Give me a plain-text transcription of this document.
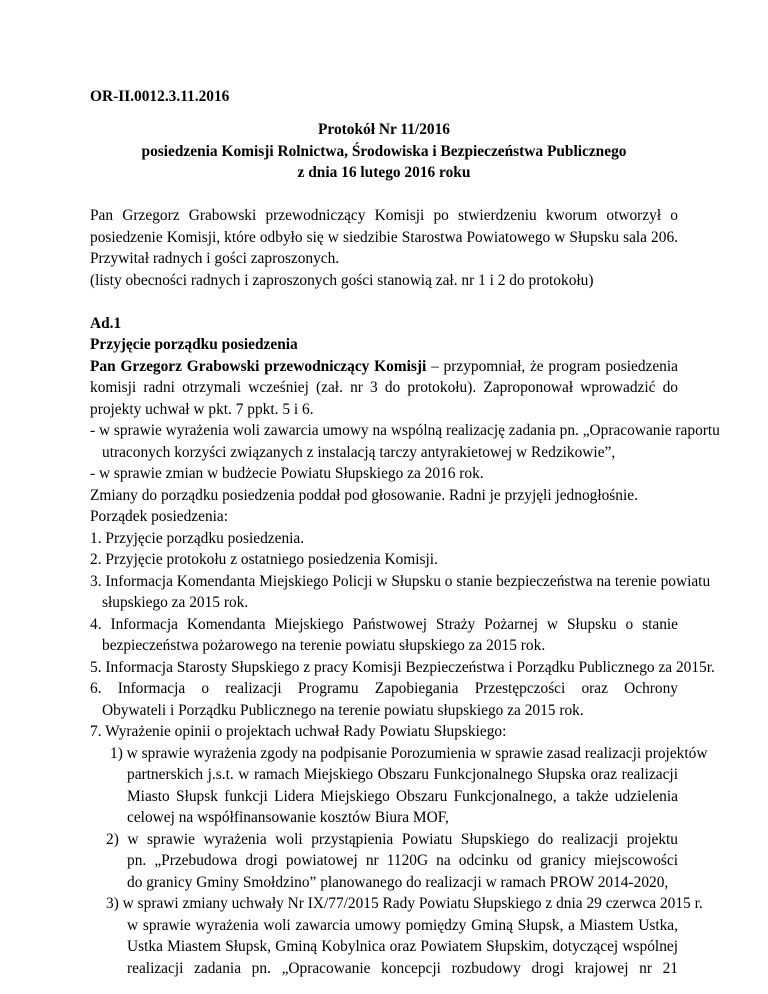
OR-II.0012.3.11.2016
Protokół Nr 11/2016
posiedzenia Komisji Rolnictwa, Środowiska i Bezpieczeństwa Publicznego
z dnia 16 lutego 2016 roku
Pan Grzegorz Grabowski przewodniczący Komisji po stwierdzeniu kworum otworzył o
posiedzenie Komisji, które odbyło się w siedzibie Starostwa Powiatowego w Słupsku sala 206.
Przywitał radnych i gości zaproszonych.
(listy obecności radnych i zaproszonych gości stanowią zał. nr 1 i 2 do protokołu)
Ad.1
Przyjęcie porządku posiedzenia
Pan Grzegorz Grabowski przewodniczący Komisji – przypomniał, że program posiedzenia
komisji radni otrzymali wcześniej (zał. nr 3 do protokołu). Zaproponował wprowadzić do
projekty uchwał w pkt. 7 ppkt. 5 i 6.
- w sprawie wyrażenia woli zawarcia umowy na wspólną realizację zadania pn. „Opracowanie raportu
utraconych korzyści związanych z instalacją tarczy antyrakietowej w Redzikowie”,
- w sprawie zmian w budżecie Powiatu Słupskiego za 2016 rok.
Zmiany do porządku posiedzenia poddał pod głosowanie. Radni je przyjęli jednogłośnie.
Porządek posiedzenia:
1. Przyjęcie porządku posiedzenia.
2. Przyjęcie protokołu z ostatniego posiedzenia Komisji.
3. Informacja Komendanta Miejskiego Policji w Słupsku o stanie bezpieczeństwa na terenie powiatu
słupskiego za 2015 rok.
4. Informacja Komendanta Miejskiego Państwowej Straży Pożarnej w Słupsku o stanie
bezpieczeństwa pożarowego na terenie powiatu słupskiego za 2015 rok.
5. Informacja Starosty Słupskiego z pracy Komisji Bezpieczeństwa i Porządku Publicznego za 2015r.
6. Informacja o realizacji Programu Zapobiegania Przestępczości oraz Ochrony
Obywateli i Porządku Publicznego na terenie powiatu słupskiego za 2015 rok.
7. Wyrażenie opinii o projektach uchwał Rady Powiatu Słupskiego:
1) w sprawie wyrażenia zgody na podpisanie Porozumienia w sprawie zasad realizacji projektów
partnerskich j.s.t. w ramach Miejskiego Obszaru Funkcjonalnego Słupska oraz realizacji
Miasto Słupsk funkcji Lidera Miejskiego Obszaru Funkcjonalnego, a także udzielenia
celowej na współfinansowanie kosztów Biura MOF,
2) w sprawie wyrażenia woli przystąpienia Powiatu Słupskiego do realizacji projektu
pn. „Przebudowa drogi powiatowej nr 1120G na odcinku od granicy miejscowości
do granicy Gminy Smołdzino” planowanego do realizacji w ramach PROW 2014-2020,
3) w sprawi zmiany uchwały Nr IX/77/2015 Rady Powiatu Słupskiego z dnia 29 czerwca 2015 r.
w sprawie wyrażenia woli zawarcia umowy pomiędzy Gminą Słupsk, a Miastem Ustka,
Ustka Miastem Słupsk, Gminą Kobylnica oraz Powiatem Słupskim, dotyczącej wspólnej
realizacji zadania pn. „Opracowanie koncepcji rozbudowy drogi krajowej nr 21
